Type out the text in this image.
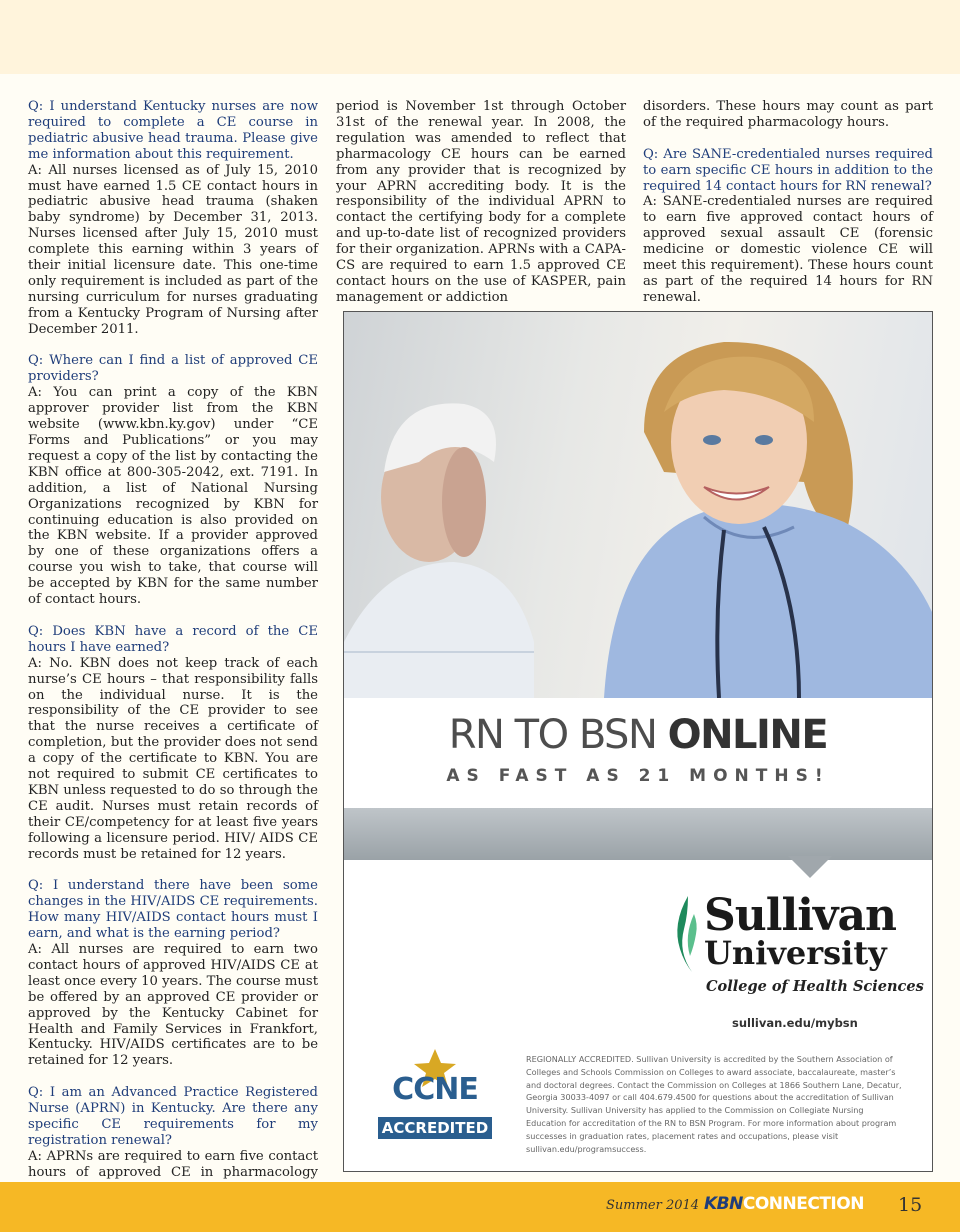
Q: I understand Kentucky nurses are now required to complete a CE course in pediatric abusive head trauma. Please give me information about this requirement.
A: All nurses licensed as of July 15, 2010 must have earned 1.5 CE contact hours in pediatric abusive head trauma (shaken baby syndrome) by December 31, 2013. Nurses licensed after July 15, 2010 must complete this earning within 3 years of their initial licensure date. This one-time only requirement is included as part of the nursing curriculum for nurses graduating from a Kentucky Program of Nursing after December 2011.

Q: Where can I find a list of approved CE providers?
A: You can print a copy of the KBN approver provider list from the KBN website (www.kbn.ky.gov) under “CE Forms and Publications” or you may request a copy of the list by contacting the KBN office at 800-305-2042, ext. 7191. In addition, a list of National Nursing Organizations recognized by KBN for continuing education is also provided on the KBN website. If a provider approved by one of these organizations offers a course you wish to take, that course will be accepted by KBN for the same number of contact hours.

Q: Does KBN have a record of the CE hours I have earned?
A: No. KBN does not keep track of each nurse’s CE hours – that responsibility falls on the individual nurse. It is the responsibility of the CE provider to see that the nurse receives a certificate of completion, but the provider does not send a copy of the certificate to KBN. You are not required to submit CE certificates to KBN unless requested to do so through the CE audit. Nurses must retain records of their CE/competency for at least five years following a licensure period. HIV/ AIDS CE records must be retained for 12 years.

Q: I understand there have been some changes in the HIV/AIDS CE requirements. How many HIV/AIDS contact hours must I earn, and what is the earning period?
A: All nurses are required to earn two contact hours of approved HIV/AIDS CE at least once every 10 years. The course must be offered by an approved CE provider or approved by the Kentucky Cabinet for Health and Family Services in Frankfort, Kentucky. HIV/AIDS certificates are to be retained for 12 years.

Q: I am an Advanced Practice Registered Nurse (APRN) in Kentucky. Are there any specific CE requirements for my registration renewal?
A: APRNs are required to earn five contact hours of approved CE in pharmacology

period is November 1st through October 31st of the renewal year. In 2008, the regulation was amended to reflect that pharmacology CE hours can be earned from any provider that is recognized by your APRN accrediting body. It is the responsibility of the individual APRN to contact the certifying body for a complete and up-to-date list of recognized providers for their organization. APRNs with a CAPA-CS are required to earn 1.5 approved CE contact hours on the use of KASPER, pain management or addiction

disorders. These hours may count as part of the required pharmacology hours.

Q: Are SANE-credentialed nurses required to earn specific CE hours in addition to the required 14 contact hours for RN renewal?
A: SANE-credentialed nurses are required to earn five approved contact hours of approved sexual assault CE (forensic medicine or domestic violence CE will meet this requirement). These hours count as part of the required 14 hours for RN renewal.

RN TO BSN ONLINE
AS FAST AS 21 MONTHS!
Sullivan
University
College of Health Sciences
sullivan.edu/mybsn
CCNE
ACCREDITED
REGIONALLY ACCREDITED. Sullivan University is accredited by the Southern Association of Colleges and Schools Commission on Colleges to award associate, baccalaureate, master’s and doctoral degrees. Contact the Commission on Colleges at 1866 Southern Lane, Decatur, Georgia 30033-4097 or call 404.679.4500 for questions about the accreditation of Sullivan University. Sullivan University has applied to the Commission on Collegiate Nursing Education for accreditation of the RN to BSN Program. For more information about program successes in graduation rates, placement rates and occupations, please visit sullivan.edu/programsuccess.
Summer 2014 KBNCONNECTION 15
